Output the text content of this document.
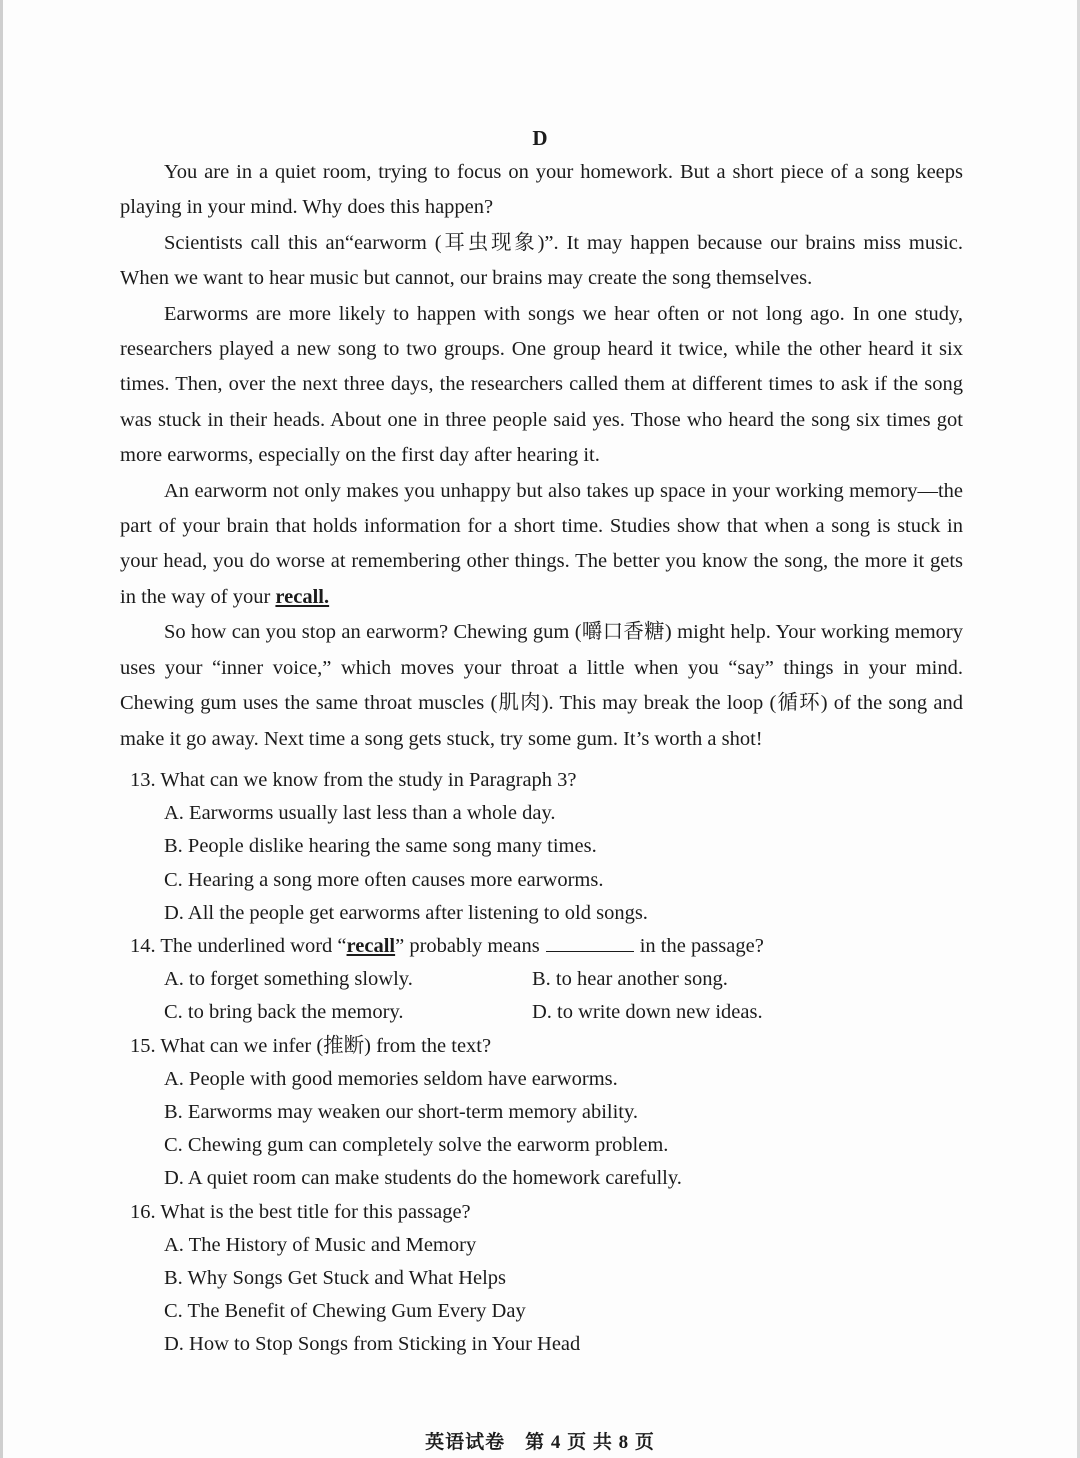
D

You are in a quiet room, trying to focus on your homework. But a short piece of a song keeps playing in your mind. Why does this happen?

Scientists call this an“earworm (耳虫现象)”. It may happen because our brains miss music. When we want to hear music but cannot, our brains may create the song themselves.

Earworms are more likely to happen with songs we hear often or not long ago. In one study, researchers played a new song to two groups. One group heard it twice, while the other heard it six times. Then, over the next three days, the researchers called them at different times to ask if the song was stuck in their heads. About one in three people said yes. Those who heard the song six times got more earworms, especially on the first day after hearing it.

An earworm not only makes you unhappy but also takes up space in your working memory—the part of your brain that holds information for a short time. Studies show that when a song is stuck in your head, you do worse at remembering other things. The better you know the song, the more it gets in the way of your recall.

So how can you stop an earworm? Chewing gum (嚼口香糖) might help. Your working memory uses your “inner voice,” which moves your throat a little when you “say” things in your mind. Chewing gum uses the same throat muscles (肌肉). This may break the loop (循环) of the song and make it go away. Next time a song gets stuck, try some gum. It’s worth a shot!

13. What can we know from the study in Paragraph 3?
A. Earworms usually last less than a whole day.
B. People dislike hearing the same song many times.
C. Hearing a song more often causes more earworms.
D. All the people get earworms after listening to old songs.
14. The underlined word “recall” probably means	in the passage?
A. to forget something slowly.	B. to hear another song.
C. to bring back the memory.	D. to write down new ideas.
15. What can we infer (推断) from the text?
A. People with good memories seldom have earworms.
B. Earworms may weaken our short-term memory ability.
C. Chewing gum can completely solve the earworm problem.
D. A quiet room can make students do the homework carefully.
16. What is the best title for this passage?
A. The History of Music and Memory
B. Why Songs Get Stuck and What Helps
C. The Benefit of Chewing Gum Every Day
D. How to Stop Songs from Sticking in Your Head
英语试卷　第 4 页 共 8 页
